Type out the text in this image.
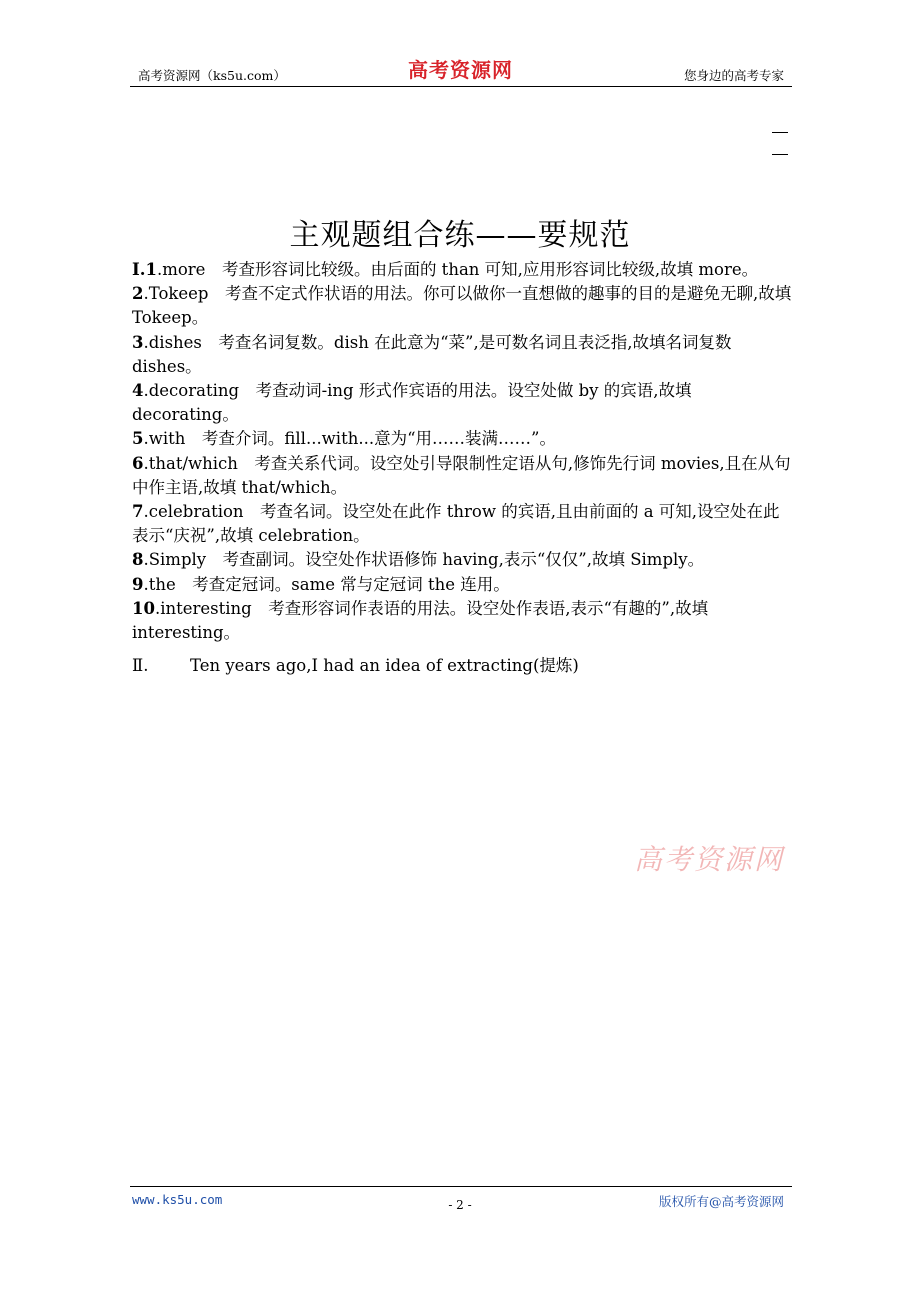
高考资源网（ks5u.com）	高考资源网	您身边的高考专家
主观题组合练——要规范

Ⅰ.1.more　考查形容词比较级。由后面的 than 可知,应用形容词比较级,故填 more。

2.Tokeep　考查不定式作状语的用法。你可以做你一直想做的趣事的目的是避免无聊,故填 Tokeep。

3.dishes　考查名词复数。dish 在此意为“菜”,是可数名词且表泛指,故填名词复数 dishes。

4.decorating　考查动词-ing 形式作宾语的用法。设空处做 by 的宾语,故填 decorating。

5.with　考查介词。fill...with...意为“用……装满……”。

6.that/which　考查关系代词。设空处引导限制性定语从句,修饰先行词 movies,且在从句中作主语,故填 that/which。

7.celebration　考查名词。设空处在此作 throw 的宾语,且由前面的 a 可知,设空处在此表示“庆祝”,故填 celebration。

8.Simply　考查副词。设空处作状语修饰 having,表示“仅仅”,故填 Simply。

9.the　考查定冠词。same 常与定冠词 the 连用。

10.interesting　考查形容词作表语的用法。设空处作表语,表示“有趣的”,故填 interesting。

Ⅱ.	Ten years ago,I had an idea of extracting(提炼)
高考资源网
www.ks5u.com	- 2 -	版权所有@高考资源网
